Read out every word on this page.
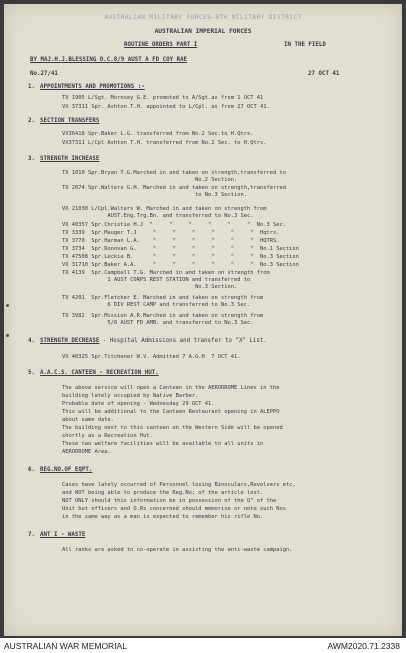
AUSTRALIAN MILITARY FORCES—8TH MILITARY DISTRICT
AUSTRALIAN IMPERIAL FORCES
ROUTINE ORDERS PART I	IN THE FIELD
BY MAJ.H.J.BLESSING O.C.8/9 AUST A FD COY RAE
No.27/41	27 OCT 41
1. APPOINTMENTS AND PROMOTIONS :-
TX 1905 L/Sgt. Mornsey G.E. promoted to A/Sgt.as from 1 OCT 41
VX 37311 Spr. Ashton T.H. appointed to L/Cpl. as from 27 OCT 41.
2. SECTION TRANSFERS
VX36418 Spr.Baker L.G. transferred from No.2 Sec.to H.Qtrs.
VX37311 L/Cpl Ashton T.H. transferred from No.2 Sec. to H.Qtrs.
3. STRENGTH INCREASE
TX 1010 Spr.Bryan T.G.Marched in and taken on strength,transferred to
No.2 Section.
TX 2074 Spr.Walters G.H. Marched in and taken on strength,transferred
to No.3 Section.
VX 21030 L/Cpl.Walters W. Marched in and taken on strength from
AUST.Eng.Trg.Bn. and transferred to No.3 Sec.
VX 40357 Spr.Christie H.J  "     "     "     "     "     "  No.3 Sec.
TX 3339  Spr.Mauger T.J     "     "     "     "     "     "  Hqtrs.
TX 3770  Spr.Harman L.A.    "     "     "     "     "     "  HQTRS.
TX 3734  Spr.Donovan G.     "     "     "     "     "     "  No.1 Section
TX 47508 Spr.Leckie B.      "     "     "     "     "     "  No.3 Section
VX 31710 Spr.Baker A.A.     "     "     "     "     "     "  No.3 Section
TX 4139  Spr.Campbell T.G. Marched in and taken on strength from
1 AUST CORPS REST STATION and transferred to
No.3 Section.
TX 4201  Spr.Fletcher E. Marched in and taken on strength from
6 DIV REST CAMP and transferred to No.3 Sec.
TX 3982  Spr.Mission A.R.Marched in and taken on strength from
5/8 AUST FD AMB. and transferred to No.3 Sec.
4. STRENGTH DECREASE - Hospital Admissions and transfer to "X" List.
VX 40325 Spr.Titchener W.V. Admitted 7 A.G.H  7 OCT 41.
5. A.A.C.S. CANTEEN - RECREATION HUT.
The above service will open a Canteen in the AERODROME Lines in the
building lately occupied by Native Barber.
Probable date of opening - Wednesday 29 OCT 41.
This will be additional to the Canteen Restaurant opening in ALEPPO
about same date.
The building next to this canteen on the Western Side will be opened
shortly as a Recreation Hut.
These two welfare facilities will be available to all units in
AERODROME Area.
6. REG.NO.OF EQPT.
Cases have lately occurred of Personnel losing Binoculars,Revolvers etc,
and NOT being able to produce the Reg.No; of the article lost.
NOT ONLY should this information be in possession of the Q" of the
Unit but officers and O.Rs concerned should memorise or note such Nos
in the same way as a man is expected to remember his rifle No.
7. ANT I - WASTE
All ranks are asked to co-operate in assisting the anti-waste campaign.
AUSTRALIAN WAR MEMORIAL	AWM2020.71.2338
